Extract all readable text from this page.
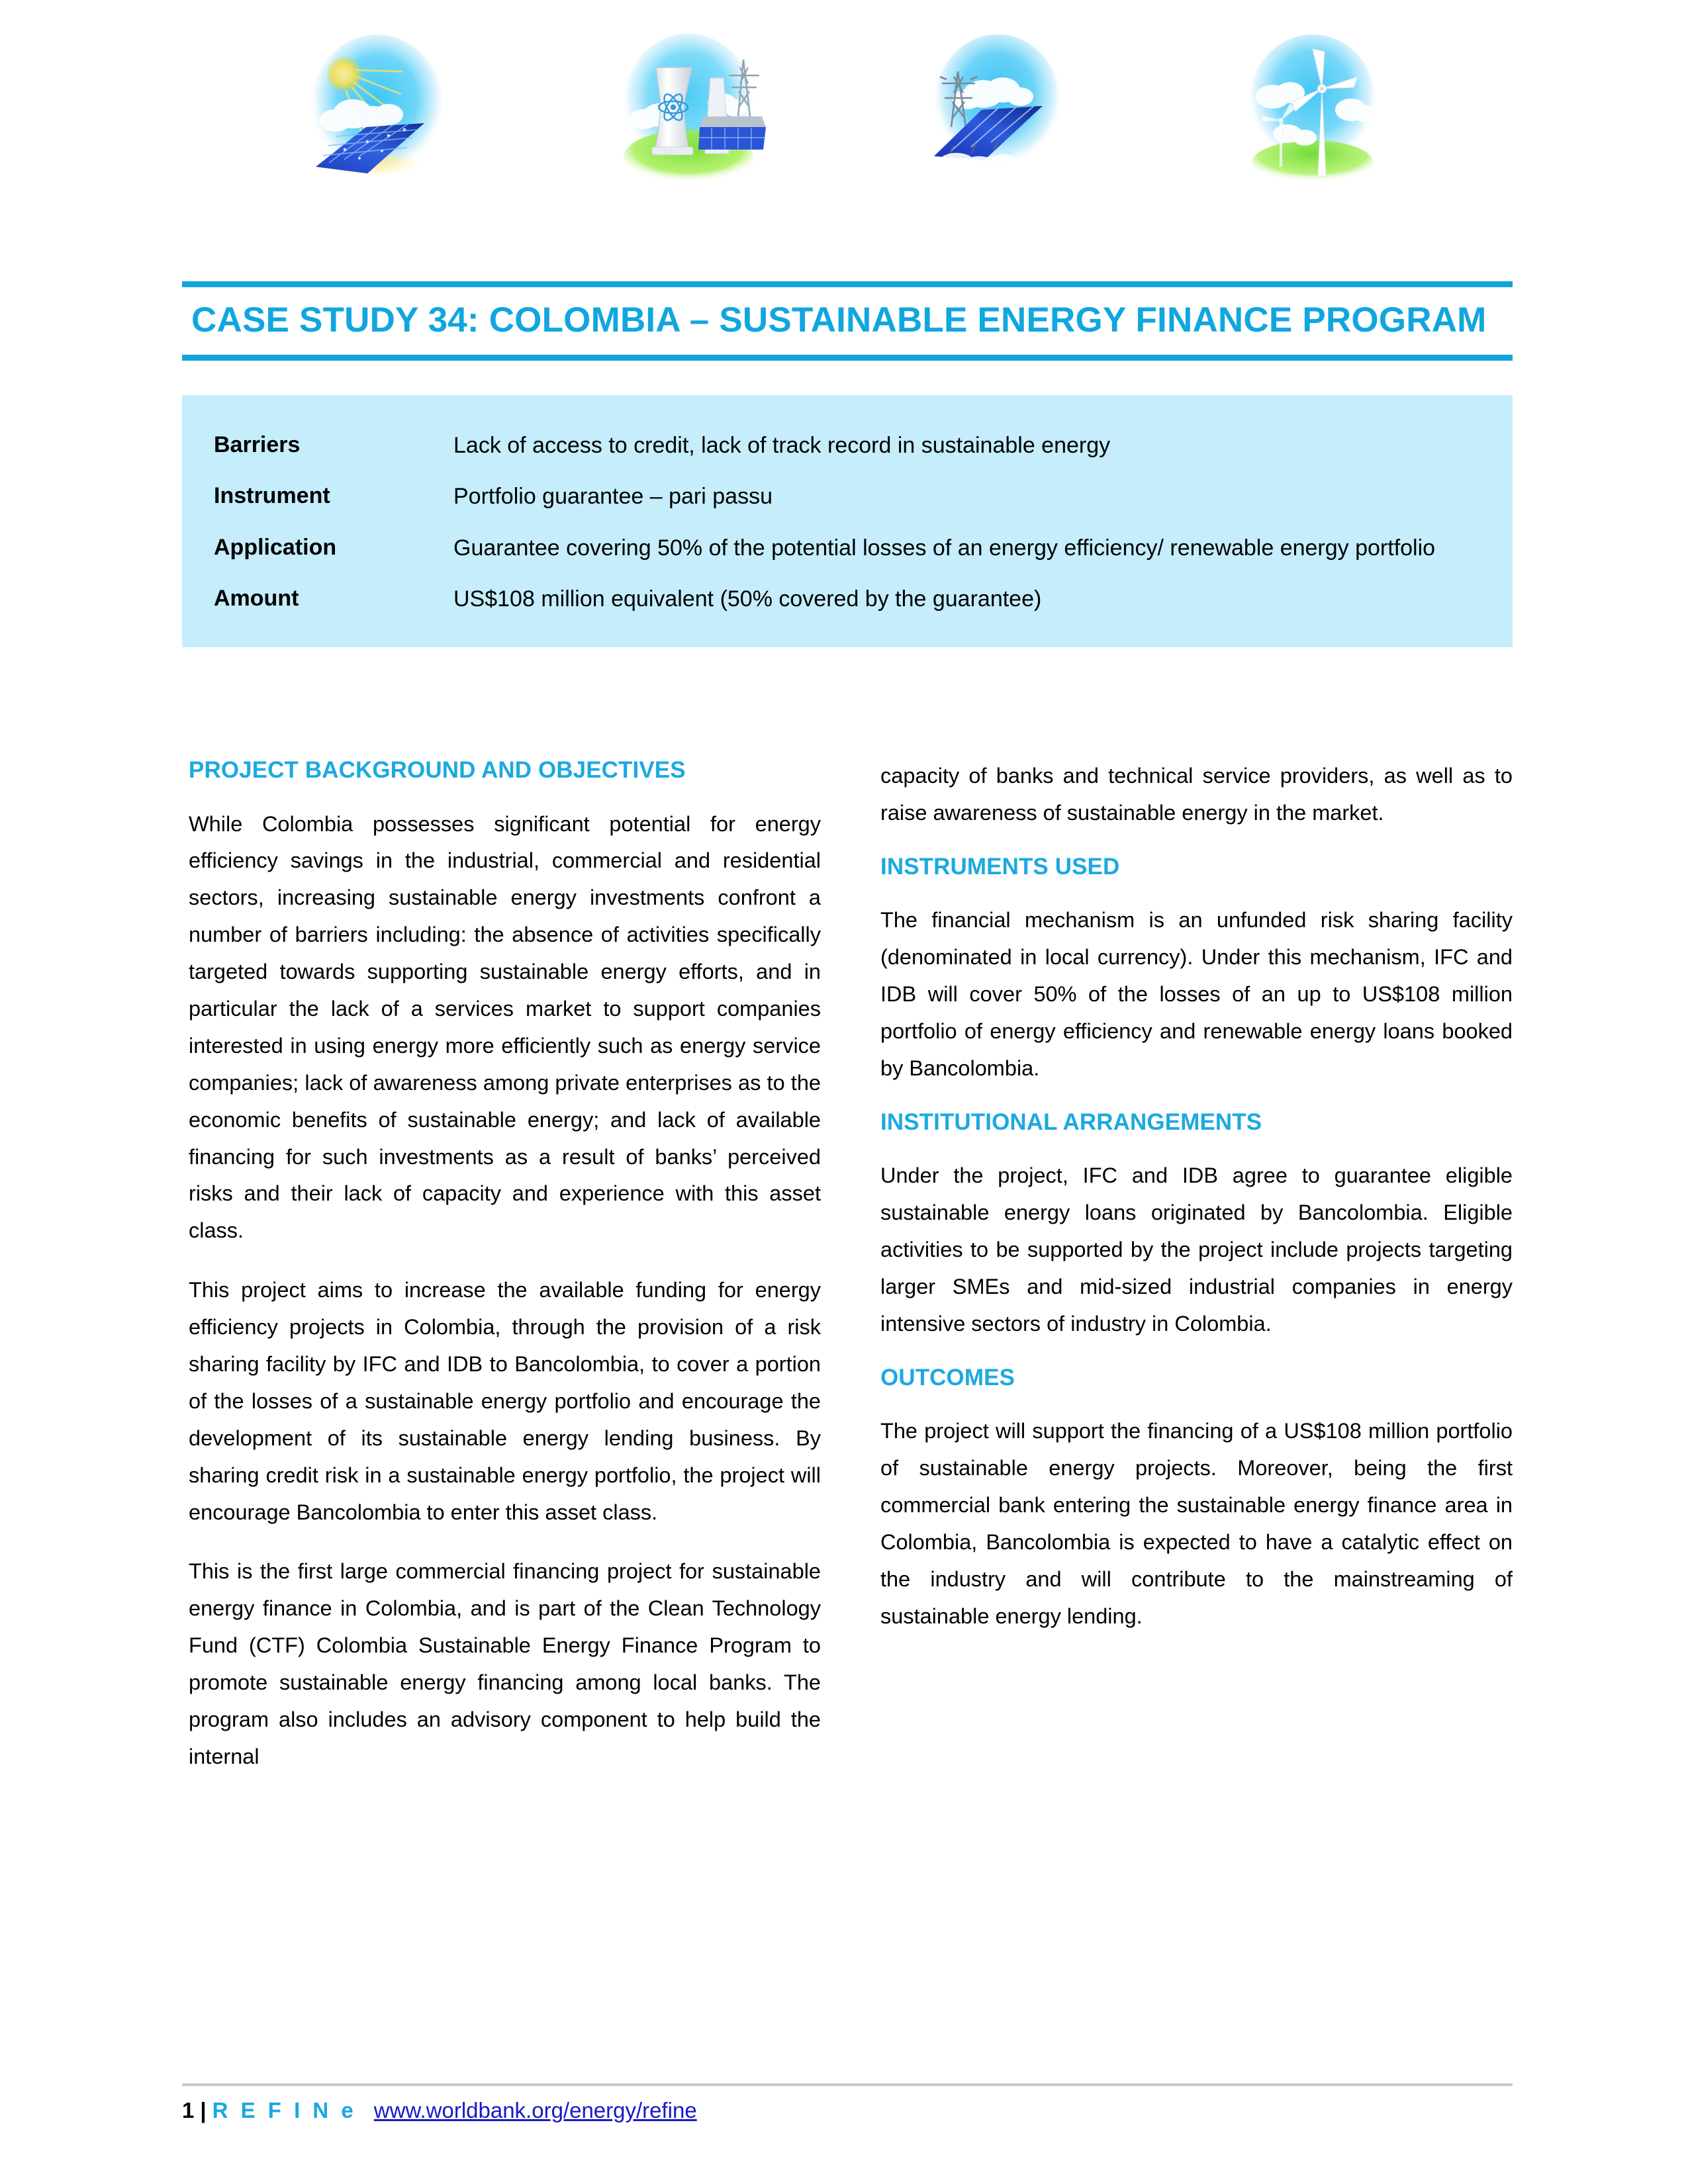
CASE STUDY 34: COLOMBIA – SUSTAINABLE ENERGY FINANCE PROGRAM
Barriers	Lack of access to credit, lack of track record in sustainable energy
Instrument	Portfolio guarantee – pari passu
Application	Guarantee covering 50% of the potential losses of an energy efficiency/ renewable energy portfolio
Amount	US$108 million equivalent (50% covered by the guarantee)
PROJECT BACKGROUND AND OBJECTIVES

While Colombia possesses significant potential for energy efficiency savings in the industrial, commercial and residential sectors, increasing sustainable energy investments confront a number of barriers including: the absence of activities specifically targeted towards supporting sustainable energy efforts, and in particular the lack of a services market to support companies interested in using energy more efficiently such as energy service companies; lack of awareness among private enterprises as to the economic benefits of sustainable energy; and lack of available financing for such investments as a result of banks’ perceived risks and their lack of capacity and experience with this asset class.

This project aims to increase the available funding for energy efficiency projects in Colombia, through the provision of a risk sharing facility by IFC and IDB to Bancolombia, to cover a portion of the losses of a sustainable energy portfolio and encourage the development of its sustainable energy lending business. By sharing credit risk in a sustainable energy portfolio, the project will encourage Bancolombia to enter this asset class.

This is the first large commercial financing project for sustainable energy finance in Colombia, and is part of the Clean Technology Fund (CTF) Colombia Sustainable Energy Finance Program to promote sustainable energy financing among local banks. The program also includes an advisory component to help build the internal

capacity of banks and technical service providers, as well as to raise awareness of sustainable energy in the market.

INSTRUMENTS USED

The financial mechanism is an unfunded risk sharing facility (denominated in local currency). Under this mechanism, IFC and IDB will cover 50% of the losses of an up to US$108 million portfolio of energy efficiency and renewable energy loans booked by Bancolombia.

INSTITUTIONAL ARRANGEMENTS

Under the project, IFC and IDB agree to guarantee eligible sustainable energy loans originated by Bancolombia. Eligible activities to be supported by the project include projects targeting larger SMEs and mid-sized industrial companies in energy intensive sectors of industry in Colombia.

OUTCOMES

The project will support the financing of a US$108 million portfolio of sustainable energy projects. Moreover, being the first commercial bank entering the sustainable energy finance area in Colombia, Bancolombia is expected to have a catalytic effect on the industry and will contribute to the mainstreaming of sustainable energy lending.

1 | R E F I N e www.worldbank.org/energy/refine
